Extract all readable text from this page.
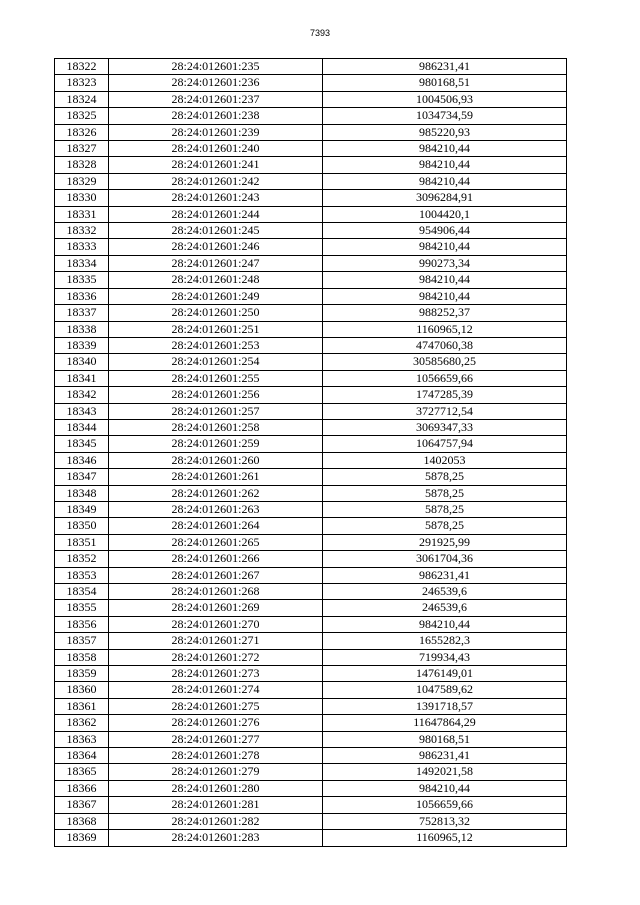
7393
18322	28:24:012601:235	986231,41
18323	28:24:012601:236	980168,51
18324	28:24:012601:237	1004506,93
18325	28:24:012601:238	1034734,59
18326	28:24:012601:239	985220,93
18327	28:24:012601:240	984210,44
18328	28:24:012601:241	984210,44
18329	28:24:012601:242	984210,44
18330	28:24:012601:243	3096284,91
18331	28:24:012601:244	1004420,1
18332	28:24:012601:245	954906,44
18333	28:24:012601:246	984210,44
18334	28:24:012601:247	990273,34
18335	28:24:012601:248	984210,44
18336	28:24:012601:249	984210,44
18337	28:24:012601:250	988252,37
18338	28:24:012601:251	1160965,12
18339	28:24:012601:253	4747060,38
18340	28:24:012601:254	30585680,25
18341	28:24:012601:255	1056659,66
18342	28:24:012601:256	1747285,39
18343	28:24:012601:257	3727712,54
18344	28:24:012601:258	3069347,33
18345	28:24:012601:259	1064757,94
18346	28:24:012601:260	1402053
18347	28:24:012601:261	5878,25
18348	28:24:012601:262	5878,25
18349	28:24:012601:263	5878,25
18350	28:24:012601:264	5878,25
18351	28:24:012601:265	291925,99
18352	28:24:012601:266	3061704,36
18353	28:24:012601:267	986231,41
18354	28:24:012601:268	246539,6
18355	28:24:012601:269	246539,6
18356	28:24:012601:270	984210,44
18357	28:24:012601:271	1655282,3
18358	28:24:012601:272	719934,43
18359	28:24:012601:273	1476149,01
18360	28:24:012601:274	1047589,62
18361	28:24:012601:275	1391718,57
18362	28:24:012601:276	11647864,29
18363	28:24:012601:277	980168,51
18364	28:24:012601:278	986231,41
18365	28:24:012601:279	1492021,58
18366	28:24:012601:280	984210,44
18367	28:24:012601:281	1056659,66
18368	28:24:012601:282	752813,32
18369	28:24:012601:283	1160965,12
